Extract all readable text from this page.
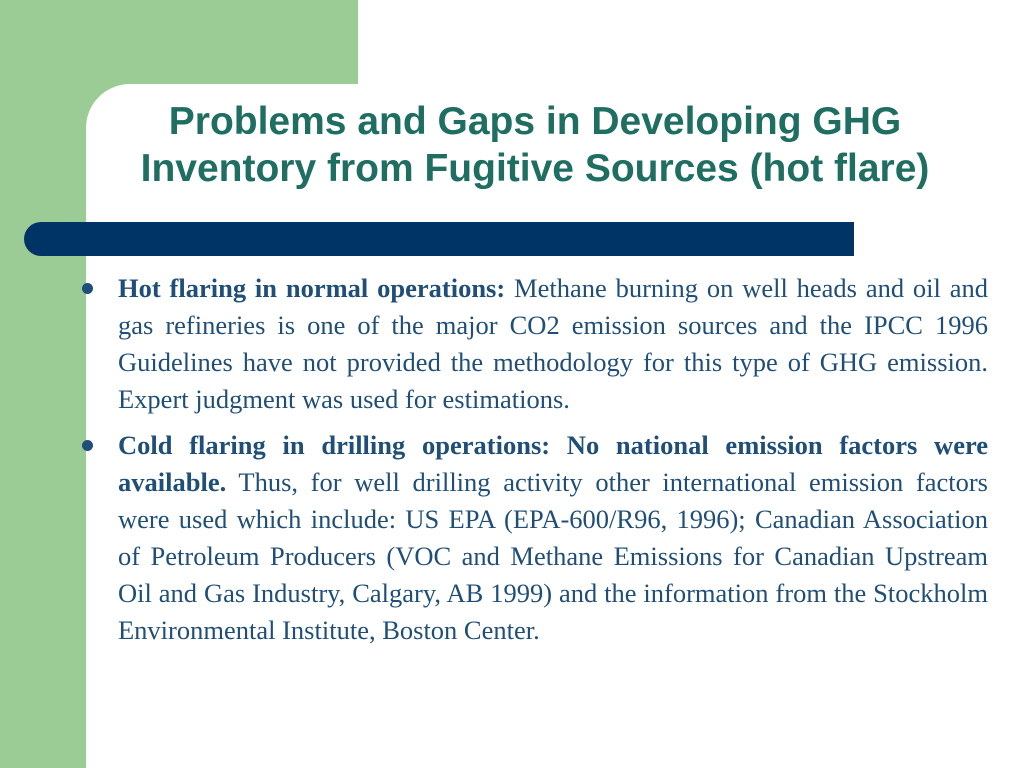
Problems and Gaps in Developing GHG
Inventory from Fugitive Sources (hot flare)
Hot flaring in normal operations: Methane burning on well heads and oil and gas refineries is one of the major CO2 emission sources and the IPCC 1996 Guidelines have not provided the methodology for this type of GHG emission. Expert judgment was used for estimations.
Cold flaring in drilling operations: No national emission factors were available. Thus, for well drilling activity other international emission factors were used which include: US EPA (EPA-600/R96, 1996); Canadian Association of Petroleum Producers (VOC and Methane Emissions for Canadian Upstream Oil and Gas Industry, Calgary, AB 1999) and the information from the Stockholm Environmental Institute, Boston Center.
